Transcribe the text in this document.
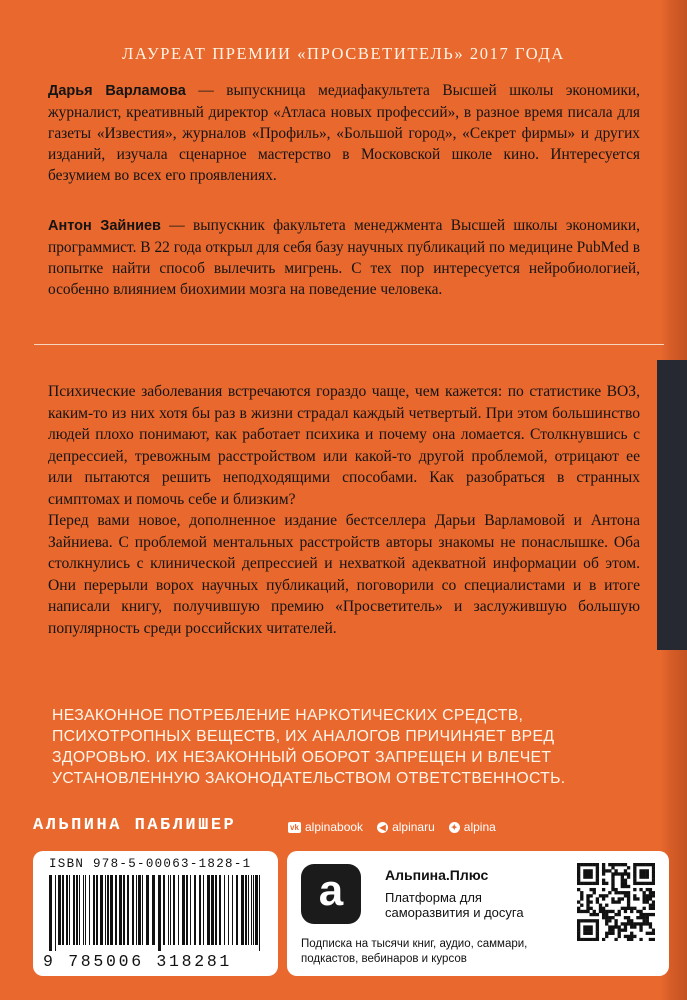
ЛАУРЕАТ ПРЕМИИ «ПРОСВЕТИТЕЛЬ» 2017 ГОДА
Дарья Варламова — выпускница медиафакультета Высшей школы экономики, журналист, креативный директор «Атласа новых профессий», в разное время писала для газеты «Известия», журналов «Профиль», «Большой город», «Секрет фирмы» и других изданий, изучала сценарное мастерство в Московской школе кино. Интересуется безумием во всех его проявлениях.
Антон Зайниев — выпускник факультета менеджмента Высшей школы экономики, программист. В 22 года открыл для себя базу научных публикаций по медицине PubMed в попытке найти способ вылечить мигрень. С тех пор интересуется нейробиологией, особенно влиянием биохимии мозга на поведение человека.

Психические заболевания встречаются гораздо чаще, чем кажется: по статистике ВОЗ, каким-то из них хотя бы раз в жизни страдал каждый четвертый. При этом большинство людей плохо понимают, как работает психика и почему она ломается. Столкнувшись с депрессией, тревожным расстройством или какой-то другой проблемой, отрицают ее или пытаются решить неподходящими способами. Как разобраться в странных симптомах и помочь себе и близким?

Перед вами новое, дополненное издание бестселлера Дарьи Варламовой и Антона Зайниева. С проблемой ментальных расстройств авторы знакомы не понаслышке. Оба столкнулись с клинической депрессией и нехваткой адекватной информации об этом. Они перерыли ворох научных публикаций, поговорили со специалистами и в итоге написали книгу, получившую премию «Просветитель» и заслужившую большую популярность среди российских читателей.

НЕЗАКОННОЕ ПОТРЕБЛЕНИЕ НАРКОТИЧЕСКИХ СРЕДСТВ, ПСИХОТРОПНЫХ ВЕЩЕСТВ, ИХ АНАЛОГОВ ПРИЧИНЯЕТ ВРЕД ЗДОРОВЬЮ. ИХ НЕЗАКОННЫЙ ОБОРОТ ЗАПРЕЩЕН И ВЛЕЧЕТ УСТАНОВЛЕННУЮ ЗАКОНОДАТЕЛЬСТВОМ ОТВЕТСТВЕННОСТЬ.
АЛЬПИНА ПАБЛИШЕР	vk alpinabook	◀ alpinaru ✦ alpina
ISBN 978-5-00063-1828-1
9 785006 318281
a	Альпина.Плюс
Платформа для саморазвития и досуга
Подписка на тысячи книг, аудио, саммари, подкастов, вебинаров и курсов
